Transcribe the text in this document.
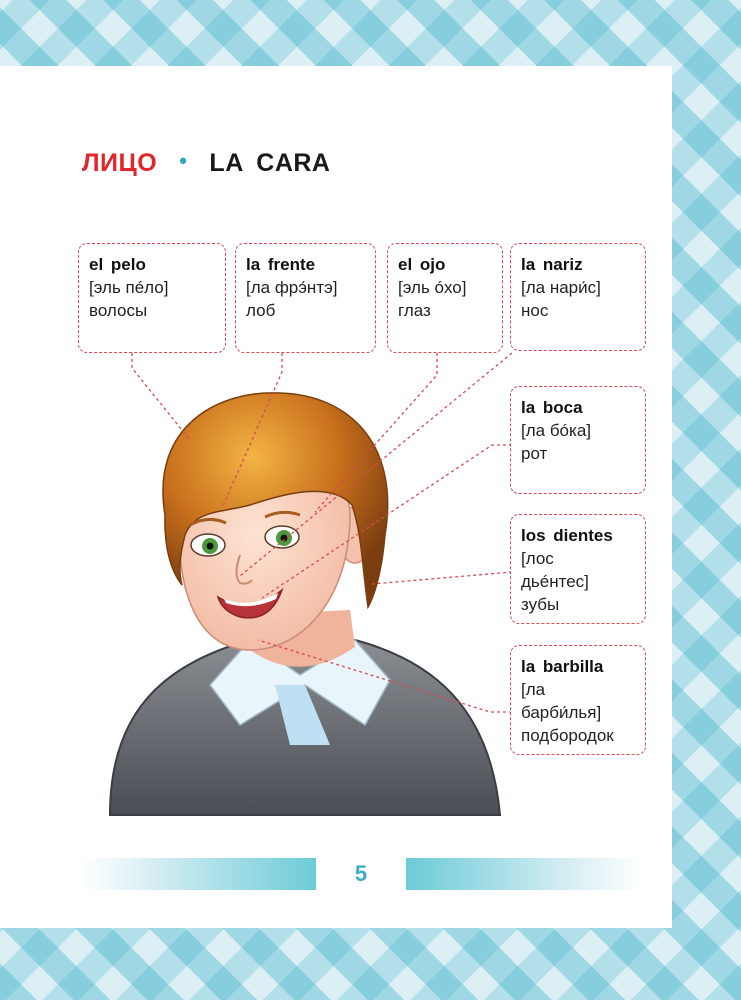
ЛИЦО • LA CARA
el pelo
[эль пéло]
волосы
la frente
[ла фрэ́нтэ]
лоб
el ojo
[эль óхо]
глаз
la nariz
[ла нари́с]
нос
la boca
[ла бóка]
рот
los dientes
[лос дьéнтес]
зубы
la barbilla
[ла барби́лья]
подбородок
5
